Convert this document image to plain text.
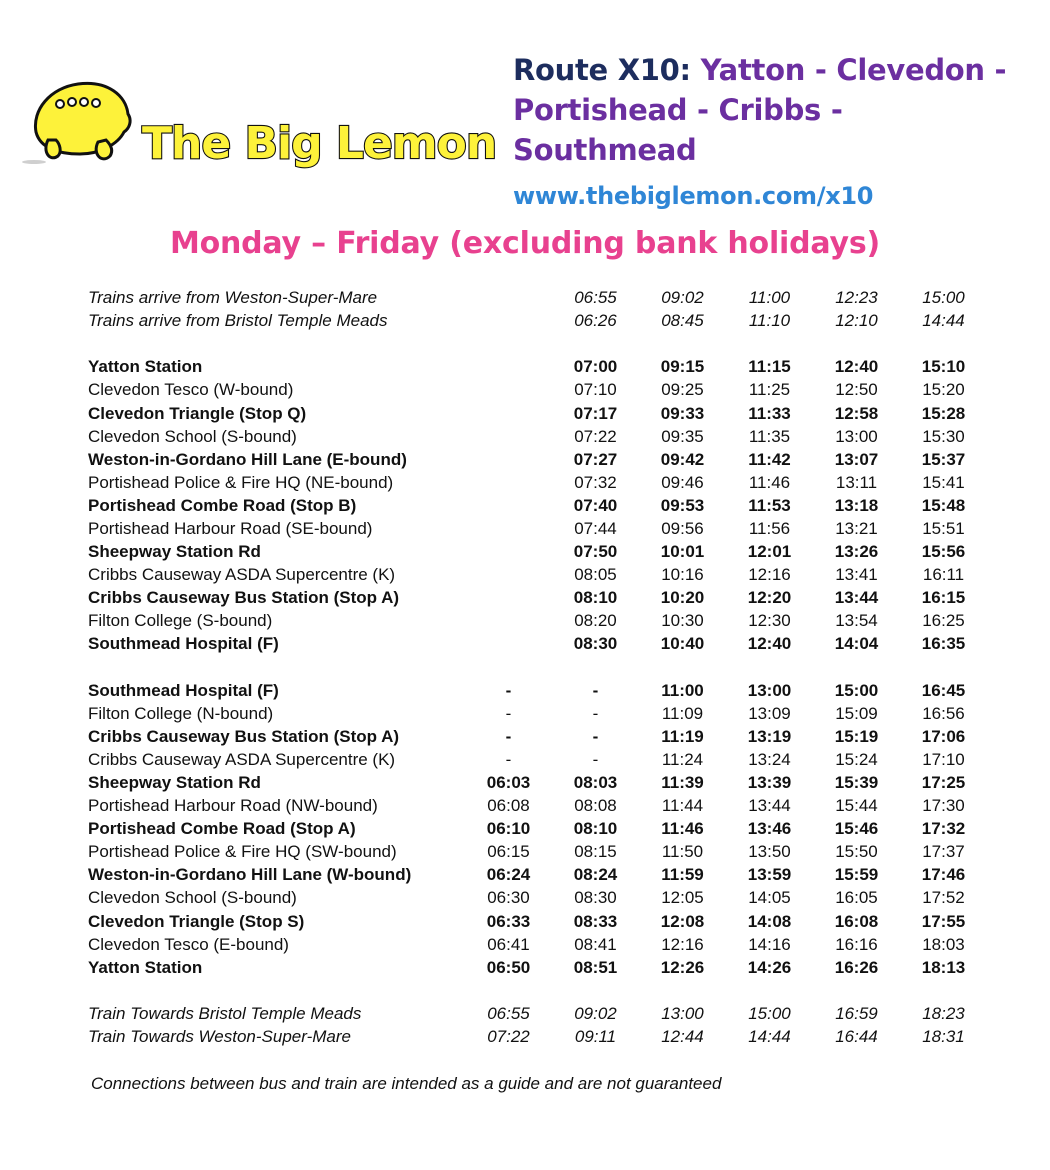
The Big Lemon
Route X10: Yatton - Clevedon -
Portishead - Cribbs - Southmead
www.thebiglemon.com/x10
Monday – Friday (excluding bank holidays)
Trains arrive from Weston-Super-Mare		06:55	09:02	11:00	12:23	15:00
Trains arrive from Bristol Temple Meads		06:26	08:45	11:10	12:10	14:44

Yatton Station		07:00	09:15	11:15	12:40	15:10
Clevedon Tesco (W-bound)		07:10	09:25	11:25	12:50	15:20
Clevedon Triangle (Stop Q)		07:17	09:33	11:33	12:58	15:28
Clevedon School (S-bound)		07:22	09:35	11:35	13:00	15:30
Weston-in-Gordano Hill Lane (E-bound)		07:27	09:42	11:42	13:07	15:37
Portishead Police & Fire HQ (NE-bound)		07:32	09:46	11:46	13:11	15:41
Portishead Combe Road (Stop B)		07:40	09:53	11:53	13:18	15:48
Portishead Harbour Road (SE-bound)		07:44	09:56	11:56	13:21	15:51
Sheepway Station Rd		07:50	10:01	12:01	13:26	15:56
Cribbs Causeway ASDA Supercentre (K)		08:05	10:16	12:16	13:41	16:11
Cribbs Causeway Bus Station (Stop A)		08:10	10:20	12:20	13:44	16:15
Filton College (S-bound)		08:20	10:30	12:30	13:54	16:25
Southmead Hospital (F)		08:30	10:40	12:40	14:04	16:35

Southmead Hospital (F)	-	-	11:00	13:00	15:00	16:45
Filton College (N-bound)	-	-	11:09	13:09	15:09	16:56
Cribbs Causeway Bus Station (Stop A)	-	-	11:19	13:19	15:19	17:06
Cribbs Causeway ASDA Supercentre (K)	-	-	11:24	13:24	15:24	17:10
Sheepway Station Rd	06:03	08:03	11:39	13:39	15:39	17:25
Portishead Harbour Road (NW-bound)	06:08	08:08	11:44	13:44	15:44	17:30
Portishead Combe Road (Stop A)	06:10	08:10	11:46	13:46	15:46	17:32
Portishead Police & Fire HQ (SW-bound)	06:15	08:15	11:50	13:50	15:50	17:37
Weston-in-Gordano Hill Lane (W-bound)	06:24	08:24	11:59	13:59	15:59	17:46
Clevedon School (S-bound)	06:30	08:30	12:05	14:05	16:05	17:52
Clevedon Triangle (Stop S)	06:33	08:33	12:08	14:08	16:08	17:55
Clevedon Tesco (E-bound)	06:41	08:41	12:16	14:16	16:16	18:03
Yatton Station	06:50	08:51	12:26	14:26	16:26	18:13

Train Towards Bristol Temple Meads	06:55	09:02	13:00	15:00	16:59	18:23
Train Towards Weston-Super-Mare	07:22	09:11	12:44	14:44	16:44	18:31
Connections between bus and train are intended as a guide and are not guaranteed
